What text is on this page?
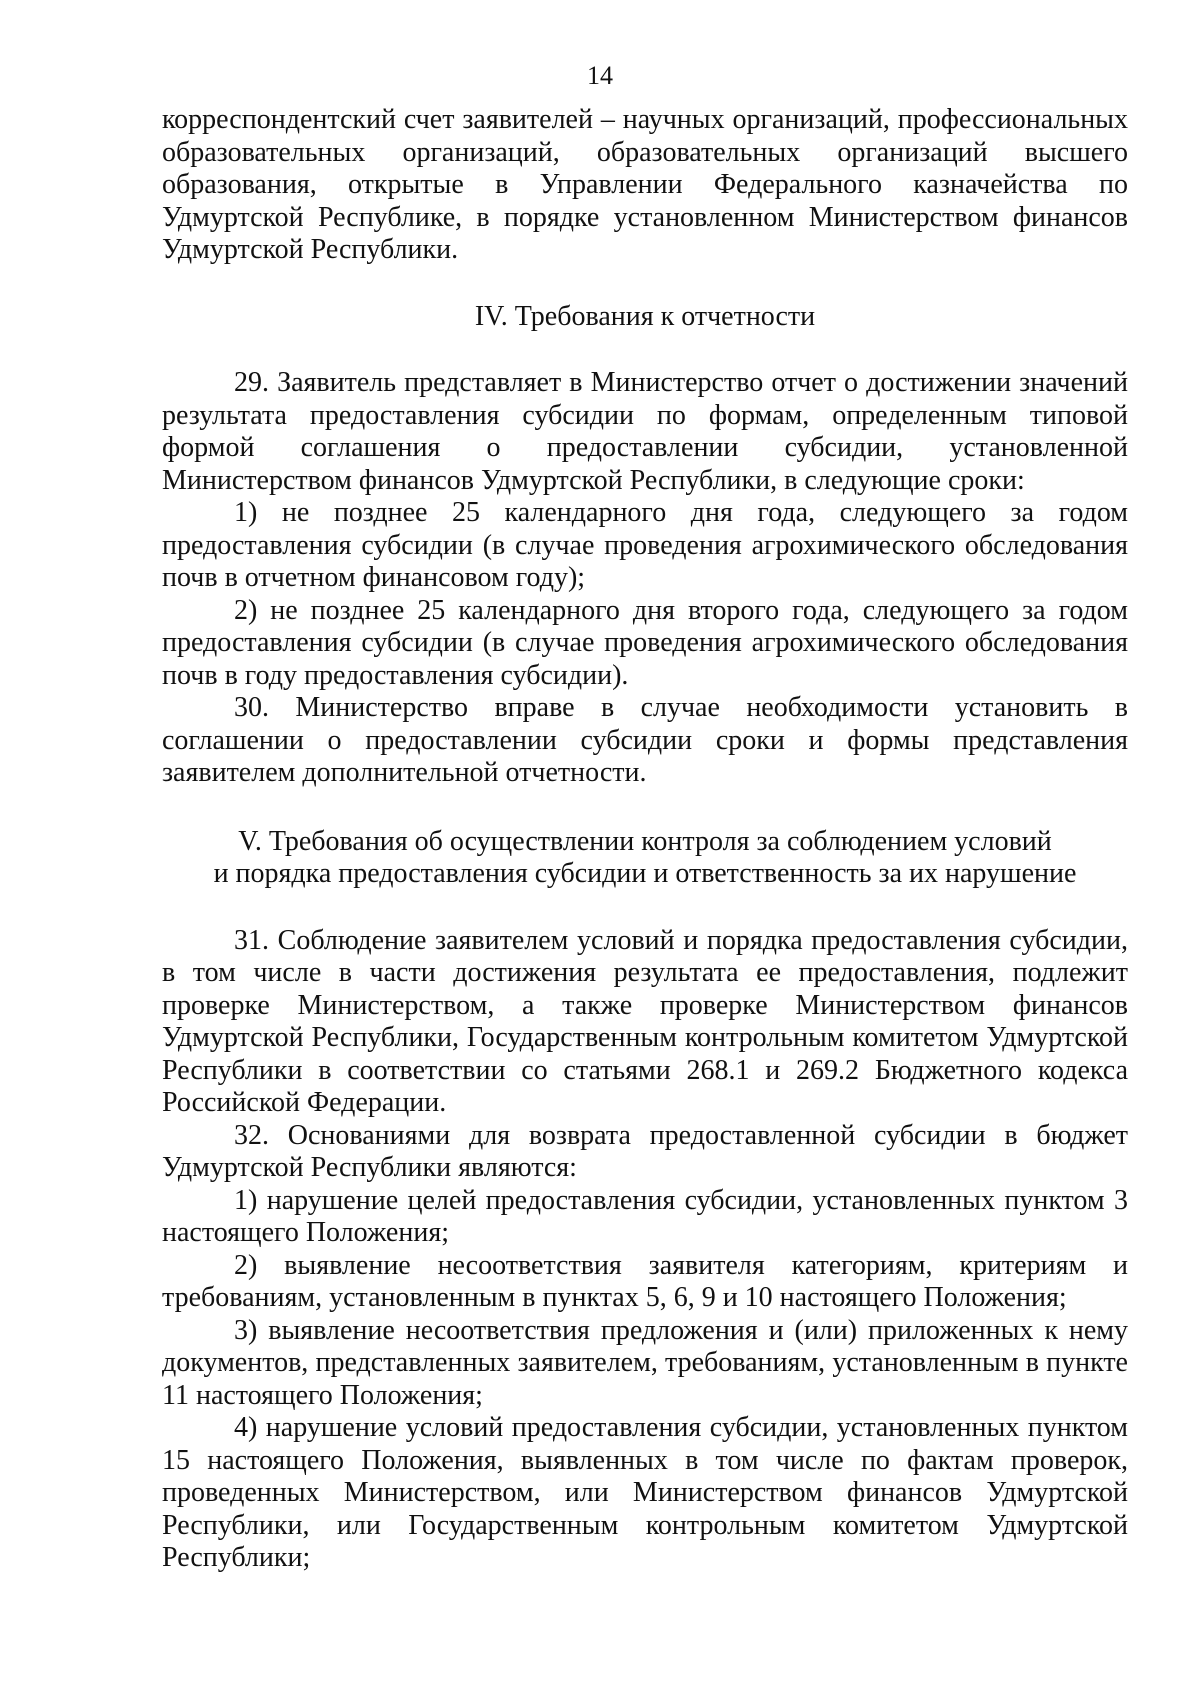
14

корреспондентский счет заявителей – научных организаций, профессиональных образовательных организаций, образовательных организаций высшего образования, открытые в Управлении Федерального казначейства по Удмуртской Республике, в порядке установленном Министерством финансов Удмуртской Республики.

IV. Требования к отчетности

29. Заявитель представляет в Министерство отчет о достижении значений результата предоставления субсидии по формам, определенным типовой формой соглашения о предоставлении субсидии, установленной Министерством финансов Удмуртской Республики, в следующие сроки:

1) не позднее 25 календарного дня года, следующего за годом предоставления субсидии (в случае проведения агрохимического обследования почв в отчетном финансовом году);

2) не позднее 25 календарного дня второго года, следующего за годом предоставления субсидии (в случае проведения агрохимического обследования почв в году предоставления субсидии).

30. Министерство вправе в случае необходимости установить в соглашении о предоставлении субсидии сроки и формы представления заявителем дополнительной отчетности.

V. Требования об осуществлении контроля за соблюдением условий
и порядка предоставления субсидии и ответственность за их нарушение

31. Соблюдение заявителем условий и порядка предоставления субсидии, в том числе в части достижения результата ее предоставления, подлежит проверке Министерством, а также проверке Министерством финансов Удмуртской Республики, Государственным контрольным комитетом Удмуртской Республики в соответствии со статьями 268.1 и 269.2 Бюджетного кодекса Российской Федерации.

32. Основаниями для возврата предоставленной субсидии в бюджет Удмуртской Республики являются:

1) нарушение целей предоставления субсидии, установленных пунктом 3 настоящего Положения;

2) выявление несоответствия заявителя категориям, критериям и требованиям, установленным в пунктах 5, 6, 9 и 10 настоящего Положения;

3) выявление несоответствия предложения и (или) приложенных к нему документов, представленных заявителем, требованиям, установленным в пункте 11 настоящего Положения;

4) нарушение условий предоставления субсидии, установленных пунктом 15 настоящего Положения, выявленных в том числе по фактам проверок, проведенных Министерством, или Министерством финансов Удмуртской Республики, или Государственным контрольным комитетом Удмуртской Республики;
